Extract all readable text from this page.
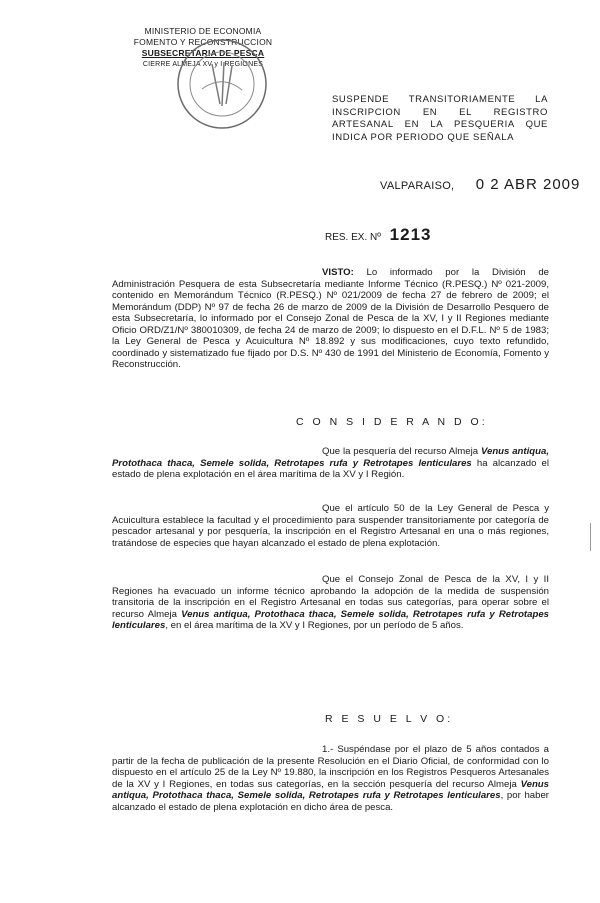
MINISTERIO DE ECONOMIA
FOMENTO Y RECONSTRUCCION
SUBSECRETARIA DE PESCA
CIERRE ALMEJA XV y I REGIONES
SUSPENDE TRANSITORIAMENTE LA INSCRIPCION EN EL REGISTRO ARTESANAL EN LA PESQUERIA QUE INDICA POR PERIODO QUE SEÑALA
VALPARAISO, 0 2 ABR 2009
RES. EX. Nº 1213
VISTO: Lo informado por la División de Administración Pesquera de esta Subsecretaría mediante Informe Técnico (R.PESQ.) Nº 021-2009, contenido en Memorándum Técnico (R.PESQ.) Nº 021/2009 de fecha 27 de febrero de 2009; el Memorándum (DDP) Nº 97 de fecha 26 de marzo de 2009 de la División de Desarrollo Pesquero de esta Subsecretaría, lo informado por el Consejo Zonal de Pesca de la XV, I y II Regiones mediante Oficio ORD/Z1/Nº 380010309, de fecha 24 de marzo de 2009; lo dispuesto en el D.F.L. Nº 5 de 1983; la Ley General de Pesca y Acuicultura Nº 18.892 y sus modificaciones, cuyo texto refundido, coordinado y sistematizado fue fijado por D.S. Nº 430 de 1991 del Ministerio de Economía, Fomento y Reconstrucción.
C O N S I D E R A N D O:
Que la pesquería del recurso Almeja Venus antiqua, Protothaca thaca, Semele solida, Retrotapes rufa y Retrotapes lenticulares ha alcanzado el estado de plena explotación en el área marítima de la XV y I Región.
Que el artículo 50 de la Ley General de Pesca y Acuicultura establece la facultad y el procedimiento para suspender transitoriamente por categoría de pescador artesanal y por pesquería, la inscripción en el Registro Artesanal en una o más regiones, tratándose de especies que hayan alcanzado el estado de plena explotación.
Que el Consejo Zonal de Pesca de la XV, I y II Regiones ha evacuado un informe técnico aprobando la adopción de la medida de suspensión transitoria de la inscripción en el Registro Artesanal en todas sus categorías, para operar sobre el recurso Almeja Venus antiqua, Protothaca thaca, Semele solida, Retrotapes rufa y Retrotapes lenticulares, en el área marítima de la XV y I Regiones, por un período de 5 años.
R E S U E L V O:
1.- Suspéndase por el plazo de 5 años contados a partir de la fecha de publicación de la presente Resolución en el Diario Oficial, de conformidad con lo dispuesto en el artículo 25 de la Ley Nº 19.880, la inscripción en los Registros Pesqueros Artesanales de la XV y I Regiones, en todas sus categorías, en la sección pesquería del recurso Almeja Venus antiqua, Protothaca thaca, Semele solida, Retrotapes rufa y Retrotapes lenticulares, por haber alcanzado el estado de plena explotación en dicho área de pesca.
